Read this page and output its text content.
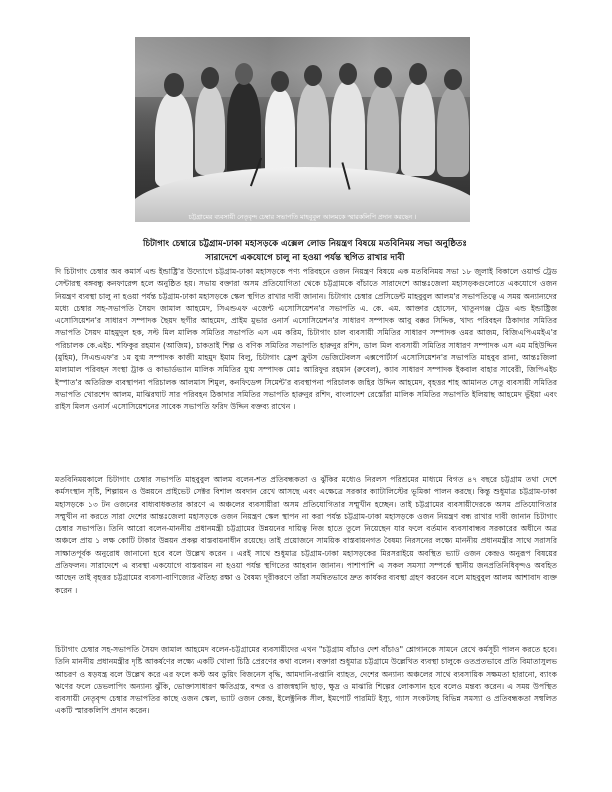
চট্টগ্রামের ব্যবসায়ী নেতৃবৃন্দ চেম্বার সভাপতি মাহবুবুল আলমকে স্মারকলিপি প্রদান করছেন ।
চিটাগাং চেম্বারে চট্টগ্রাম-ঢাকা মহাসড়কে এক্সেল লোড নিয়ন্ত্রণ বিষয়ে মতবিনিময় সভা অনুষ্ঠিতঃ
সারাদেশে একযোগে চালু না হওয়া পর্যন্ত স্থগিত রাখার দাবী

দি চিটাগাং চেম্বার অব কমার্স এন্ড ইন্ডাষ্ট্রি'র উদ্যোগে চট্টগ্রাম-ঢাকা মহাসড়কে পণ্য পরিবহনে ওজন নিয়ন্ত্রণ বিষয়ে এক মতবিনিময় সভা ১৮ জুলাই বিকালে ওয়ার্ল্ড ট্রেড সেন্টারস্থ বঙ্গবন্ধু কনফারেন্স হলে অনুষ্ঠিত হয়। সভায় বক্তারা অসম প্রতিযোগিতা থেকে চট্টগ্রামকে বাঁচাতে সারাদেশে আন্তঃজেলা মহাসড়কগুলোতে একযোগে ওজন নিয়ন্ত্রণ ব্যবস্থা চালু না হওয়া পর্যন্ত চট্টগ্রাম-ঢাকা মহাসড়কে স্কেল স্থগিত রাখার দাবী জানান। চিটাগাং চেম্বার প্রেসিডেন্ট মাহবুবুল আলম'র সভাপতিত্বে এ সময় অন্যান্যদের মধ্যে চেম্বার সহ-সভাপতি সৈয়দ জামাল আহমেদ, সিএন্ডএফ এজেন্ট এসোসিয়েশন'র সভাপতি এ. কে. এম. আক্তার হোসেন, খাতুনগঞ্জ ট্রেড এন্ড ইন্ডাষ্ট্রিজ এসোসিয়েশন'র সাধারণ সম্পাদক ছৈয়দ ছগীর আহমেদ, প্রাইম মুভার ওনার্স এসোসিয়েশন'র সাধারণ সম্পাদক আবু বক্কর সিদ্দিক, খাদ্য পরিবহন ঠিকাদার সমিতির সভাপতি সৈয়দ মাহমুদুল হক, সল্ট মিল মালিক সমিতির সভাপতি এস এম করিম, চিটাগাং চাল ব্যবসায়ী সমিতির সাধারণ সম্পাদক ওমর আজম, বিজিএপিএমইএ'র পরিচালক কে.এইচ. শফিকুর রহমান (আজিম), চাকতাই শিল্প ও বণিক সমিতির সভাপতি হারুনুর রশিদ, ডাল মিল ব্যবসায়ী সমিতির সাধারণ সম্পাদক এস এম মহিউদ্দিন (মুহিম), সিএন্ডএফ'র ১ম যুগ্ম সম্পাদক কাজী মাহমুদ ইমাম বিলু, চিটাগাং ফ্রেশ ফ্রুটস ভেজিটেবলস এক্সপোর্টার্স এসোসিয়েশন'র সভাপতি মাহবুব রানা, আন্তঃজিলা মালামাল পরিবহন সংস্থা ট্রাক ও কাভার্ডভ্যান মালিক সমিতির যুগ্ম সম্পাদক মোঃ আরিফুর রহমান (রুবেল), ক্যাব সাধারণ সম্পাদক ইকবাল বাহার সাবেরী, জিপিএইচ ইস্পাত'র অতিরিক্ত ব্যবস্থাপনা পরিচালক আলমাস শিমুল, কনফিডেন্স সিমেন্ট'র ব্যবস্থাপনা পরিচালক জহির উদ্দিন আহমেদ, বৃহত্তর শাহ আমানত সেতু ব্যবসায়ী সমিতির সভাপতি খোরশেদ আলম, মাঝিরঘাট সার পরিবহন ঠিকাদার সমিতির সভাপতি হারুনুর রশিদ, বাংলাদেশ রেস্তোঁরা মালিক সমিতির সভাপতি ইলিয়াছ আহমেদ ভুঁইয়া এবং রাইস মিলস ওনার্স এসোসিয়েশনের সাবেক সভাপতি ফরিদ উদ্দিন বক্তব্য রাখেন ।

মতবিনিময়কালে চিটাগাং চেম্বার সভাপতি মাহবুবুল আলম বলেন-শত প্রতিবন্ধকতা ও ঝুঁকির মধ্যেও নিরলস পরিশ্রমের মাধ্যমে বিগত ৪৭ বছরে চট্টগ্রাম তথা দেশে কর্মসংস্থান সৃষ্টি, শিল্পায়ন ও উন্নয়নে প্রাইভেট সেক্টর বিশাল অবদান রেখে আসছে এবং এক্ষেত্রে সরকার ক্যাটালিস্টের ভূমিকা পালন করছে। কিন্তু শুধুমাত্র চট্টগ্রাম-ঢাকা মহাসড়কে ১৩ টন ওজনের বাধ্যবাধকতার কারণে এ অঞ্চলের ব্যবসায়ীরা অসম প্রতিযোগিতার সম্মুখীন হচ্ছেন। তাই চট্টগ্রামের ব্যবসায়ীদেরকে অসম প্রতিযোগিতার সম্মুখীন না করতে সারা দেশের আন্তঃজেলা মহাসড়কে ওজন নিয়ন্ত্রণ স্কেল স্থাপন না করা পর্যন্ত চট্টগ্রাম-ঢাকা মহাসড়কে ওজন নিয়ন্ত্রণ বন্ধ রাখার দাবী জানান চিটাগাং চেম্বার সভাপতি। তিনি আরো বলেন-মাননীয় প্রধানমন্ত্রী চট্টগ্রামের উন্নয়নের দায়িত্ব নিজ হাতে তুলে নিয়েছেন যার ফলে বর্তমান ব্যবসাবান্ধব সরকারের অধীনে অত্র অঞ্চলে প্রায় ১ লক্ষ কোটি টাকার উন্নয়ন প্রকল্প বাস্তবায়নাধীন রয়েছে। তাই প্রয়োজনে সাময়িক বাস্তবায়নগত বৈষম্য নিরসনের লক্ষ্যে মাননীয় প্রধানমন্ত্রীর সাথে সরাসরি সাক্ষাতপূর্বক অনুরোধ জানানো হবে বলে উল্লেখ করেন । এরই সাথে শুধুমাত্র চট্টগ্রাম-ঢাকা মহাসড়কের মিরসরাইয়ে অবস্থিত ভ্যাট ওজন কেন্দ্রও অনুরূপ বিষয়ের প্রতিফলন। সারাদেশে এ ব্যবস্থা একযোগে বাস্তবায়ন না হওয়া পর্যন্ত স্থগিতের আহবান জানান। পাশাপাশি এ সকল সমস্যা সম্পর্কে স্থানীয় জনপ্রতিনিধিবৃন্দও অবহিত আছেন তাই বৃহত্তর চট্টগ্রামের ব্যবসা-বাণিজ্যের ঐতিহ্য রক্ষা ও বৈষম্য দূরীকরণে তাঁরা সমন্বিতভাবে দ্রুত কার্যকর ব্যবস্থা গ্রহণ করবেন বলে মাহবুবুল আলম আশাবাদ ব্যক্ত করেন ।

চিটাগাং চেম্বার সহ-সভাপতি সৈয়দ জামাল আহমেদ বলেন-চট্টগ্রামের ব্যবসায়ীদের এখন "চট্টগ্রাম বাঁচাও দেশ বাঁচাও" শ্লোগানকে সামনে রেখে কর্মসূচী পালন করতে হবে। তিনি মাননীয় প্রধানমন্ত্রীর দৃষ্টি আকর্ষণের লক্ষ্যে একটি খোলা চিঠি প্রেরণের কথা বলেন। বক্তারা শুধুমাত্র চট্টগ্রামে উল্লেখিত ব্যবস্থা চালুকে ওতপ্রতভাবে প্রতি বিমাতাসুলভ আচরণ ও ষড়যন্ত্র বলে উল্লেখ করে এর ফলে কস্ট অব ডুয়িং বিজনেস বৃদ্ধি, আমদানি-রপ্তানি ব্যাহত, দেশের অন্যান্য অঞ্চলের সাথে ব্যবসায়িক সক্ষমতা হারানো, ব্যাংক ঋণের ফলে ডেভলাপিং অন্যান্য ঝুঁকি, ভোক্তাসাধারণ ক্ষতিগ্রস্ত, বন্দর ও রাজস্বহানি ছাড়, ক্ষুদ্র ও মাঝারি শিল্পের লোকসান হবে বলেও মন্তব্য করেন। এ সময় উপস্থিত ব্যবসায়ী নেতৃবৃন্দ চেম্বার সভাপতির কাছে ওজন স্কেল, ভ্যাট ওজন কেন্দ্র, ইলেক্ট্রনিক সীল, ইমপোর্ট পারমিট ইস্যু, গ্যাস সংকটসহ বিভিন্ন সমস্যা ও প্রতিবন্ধকতা সম্বলিত একটি স্মারকলিপি প্রদান করেন।
